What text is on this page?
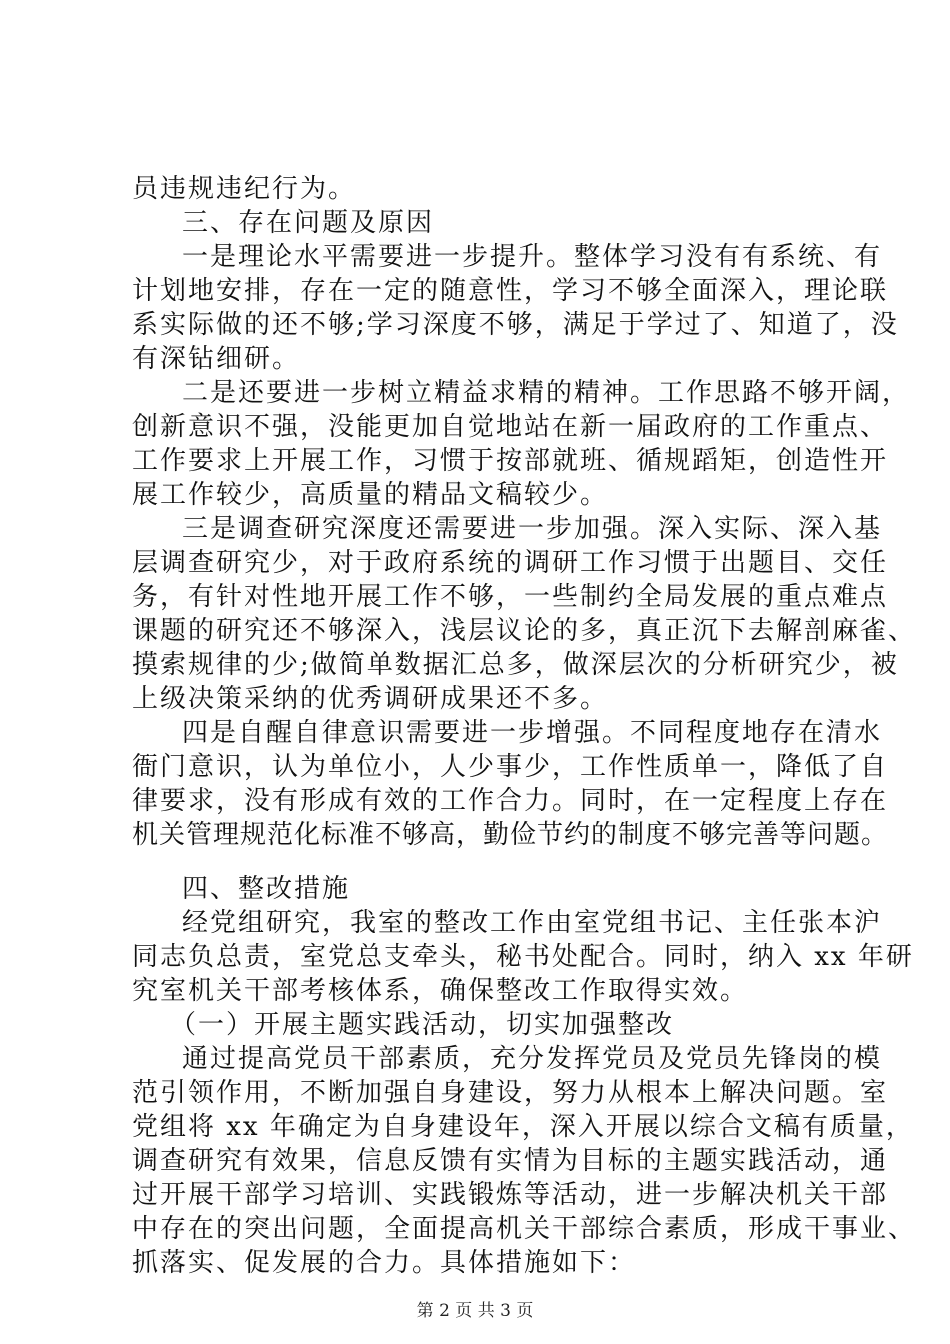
员违规违纪行为。
三、存在问题及原因
一是理论水平需要进一步提升。整体学习没有有系统、有
计划地安排，存在一定的随意性，学习不够全面深入，理论联
系实际做的还不够;学习深度不够，满足于学过了、知道了，没
有深钻细研。
二是还要进一步树立精益求精的精神。工作思路不够开阔，
创新意识不强，没能更加自觉地站在新一届政府的工作重点、
工作要求上开展工作，习惯于按部就班、循规蹈矩，创造性开
展工作较少，高质量的精品文稿较少。
三是调查研究深度还需要进一步加强。深入实际、深入基
层调查研究少，对于政府系统的调研工作习惯于出题目、交任
务，有针对性地开展工作不够，一些制约全局发展的重点难点
课题的研究还不够深入，浅层议论的多，真正沉下去解剖麻雀、
摸索规律的少;做简单数据汇总多，做深层次的分析研究少，被
上级决策采纳的优秀调研成果还不多。
四是自醒自律意识需要进一步增强。不同程度地存在清水
衙门意识，认为单位小，人少事少，工作性质单一，降低了自
律要求，没有形成有效的工作合力。同时，在一定程度上存在
机关管理规范化标准不够高，勤俭节约的制度不够完善等问题。
四、整改措施
经党组研究，我室的整改工作由室党组书记、主任张本沪
同志负总责，室党总支牵头，秘书处配合。同时，纳入 xx 年研
究室机关干部考核体系，确保整改工作取得实效。
（一）开展主题实践活动，切实加强整改
通过提高党员干部素质，充分发挥党员及党员先锋岗的模
范引领作用，不断加强自身建设，努力从根本上解决问题。室
党组将 xx 年确定为自身建设年，深入开展以综合文稿有质量，
调查研究有效果，信息反馈有实情为目标的主题实践活动，通
过开展干部学习培训、实践锻炼等活动，进一步解决机关干部
中存在的突出问题，全面提高机关干部综合素质，形成干事业、
抓落实、促发展的合力。具体措施如下：
第 2 页 共 3 页
